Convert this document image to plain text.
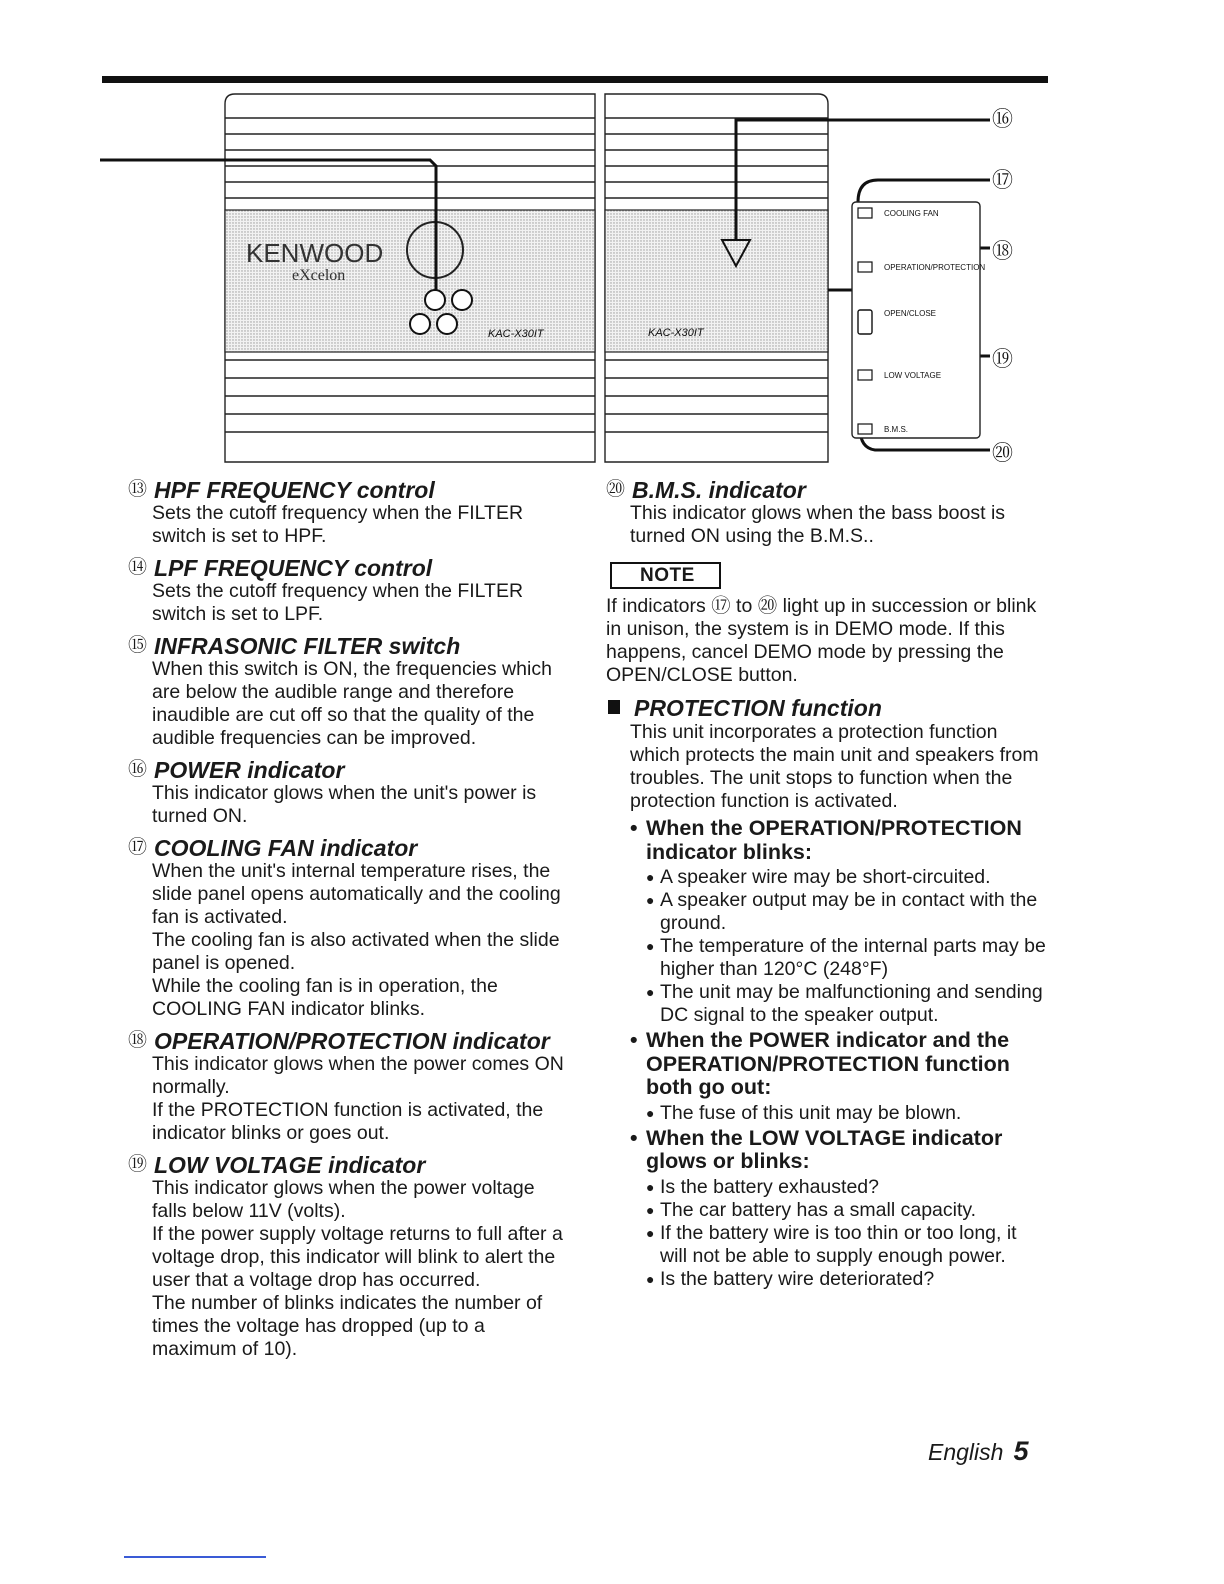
COOLING FAN
OPERATION/PROTECTION
OPEN/CLOSE
LOW VOLTAGE
B.M.S.
KENWOOD
eXcelon
KAC-X30IT	KAC-X30IT
⑯
⑰
⑱
⑲
⑳
⑬ HPF FREQUENCY control

Sets the cutoff frequency when the FILTER switch is set to HPF.

⑭ LPF FREQUENCY control

Sets the cutoff frequency when the FILTER switch is set to LPF.

⑮ INFRASONIC FILTER switch

When this switch is ON, the frequencies which are below the audible range and therefore inaudible are cut off so that the quality of the audible frequencies can be improved.

⑯ POWER indicator

This indicator glows when the unit's power is turned ON.

⑰ COOLING FAN indicator

When the unit's internal temperature rises, the slide panel opens automatically and the cooling fan is activated.

The cooling fan is also activated when the slide panel is opened.

While the cooling fan is in operation, the COOLING FAN indicator blinks.

⑱ OPERATION/PROTECTION indicator

This indicator glows when the power comes ON normally.

If the PROTECTION function is activated, the indicator blinks or goes out.

⑲ LOW VOLTAGE indicator

This indicator glows when the power voltage falls below 11V (volts).

If the power supply voltage returns to full after a voltage drop, this indicator will blink to alert the user that a voltage drop has occurred.

The number of blinks indicates the number of times the voltage has dropped (up to a maximum of 10).

⑳ B.M.S. indicator

This indicator glows when the bass boost is turned ON using the B.M.S..

NOTE

If indicators ⑰ to ⑳ light up in succession or blink in unison, the system is in DEMO mode. If this happens, cancel DEMO mode by pressing the OPEN/CLOSE button.

PROTECTION function

This unit incorporates a protection function which protects the main unit and speakers from troubles. The unit stops to function when the protection function is activated.

• When the OPERATION/PROTECTION indicator blinks:
● A speaker wire may be short-circuited.
● A speaker output may be in contact with the ground.
● The temperature of the internal parts may be higher than 120°C (248°F)
● The unit may be malfunctioning and sending DC signal to the speaker output.
• When the POWER indicator and the OPERATION/PROTECTION function both go out:
● The fuse of this unit may be blown.
• When the LOW VOLTAGE indicator glows or blinks:
● Is the battery exhausted?
● The car battery has a small capacity.
● If the battery wire is too thin or too long, it will not be able to supply enough power.
● Is the battery wire deteriorated?
English 5
